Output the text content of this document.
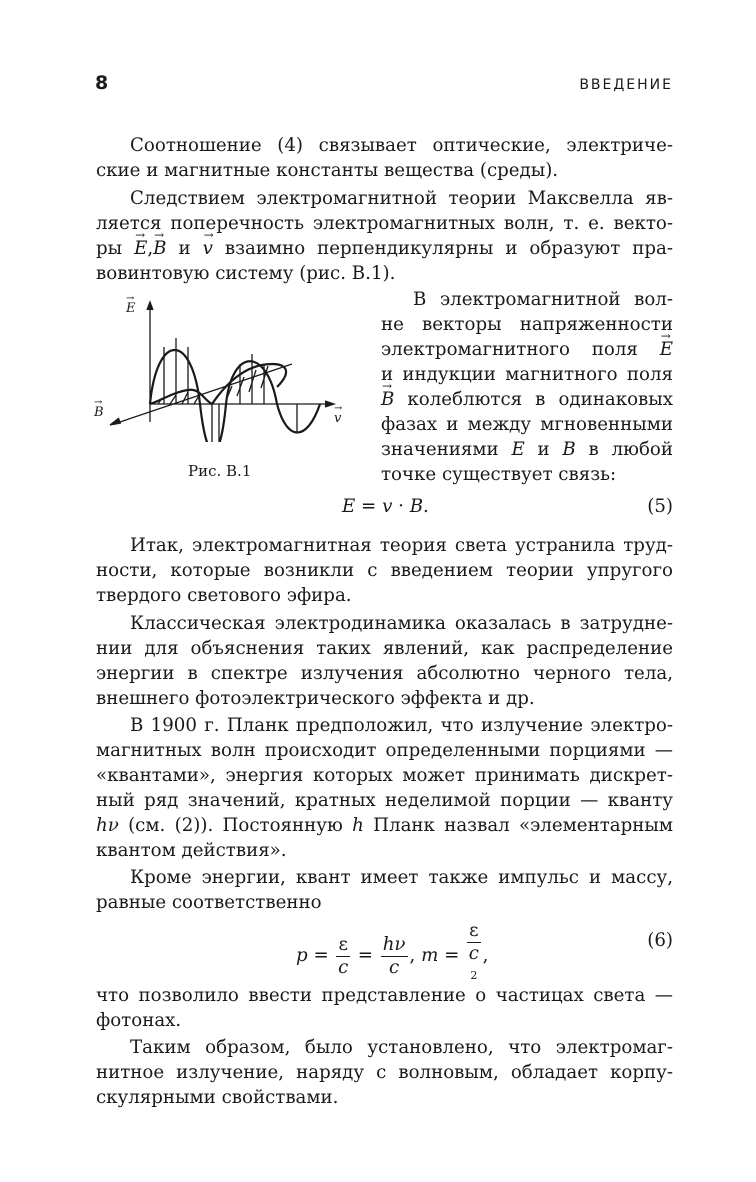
8	ВВЕДЕНИЕ
Соотношение (4) связывает оптические, электриче-
ские и магнитные константы вещества (среды).
Следствием электромагнитной теории Максвелла яв-
ляется поперечность электромагнитных волн, т. е. векто-
ры → E,→ B и → v взаимно перпендикулярны и образуют пра-
вовинтовую систему (рис. В.1).
E
→
B
→
v
→
Рис. В.1
В электромагнитной вол-
не векторы напряженности
электромагнитного поля → E
и индукции магнитного поля
→ B колеблются в одинаковых
фазах и между мгновенными
значениями E и B в любой
точке существует связь:
E = v · B.	(5)
Итак, электромагнитная теория света устранила труд-
ности, которые возникли с введением теории упругого
твердого светового эфира.
Классическая электродинамика оказалась в затрудне-
нии для объяснения таких явлений, как распределение
энергии в спектре излучения абсолютно черного тела,
внешнего фотоэлектрического эффекта и др.
В 1900 г. Планк предположил, что излучение электро-
магнитных волн происходит определенными порциями —
«квантами», энергия которых может принимать дискрет-
ный ряд значений, кратных неделимой порции — кванту
hν (см. (2)). Постоянную h Планк назвал «элементарным
квантом действия».
Кроме энергии, квант имеет также импульс и массу,
равные соответственно
$p = \frac{\varepsilon}{c} = \frac{h\nu}{c}$ , m = ε
c
$^2$ ,
(6)
что позволило ввести представление о частицах света —
фотонах.
Таким образом, было установлено, что электромаг-
нитное излучение, наряду с волновым, обладает корпу-
скулярными свойствами.
